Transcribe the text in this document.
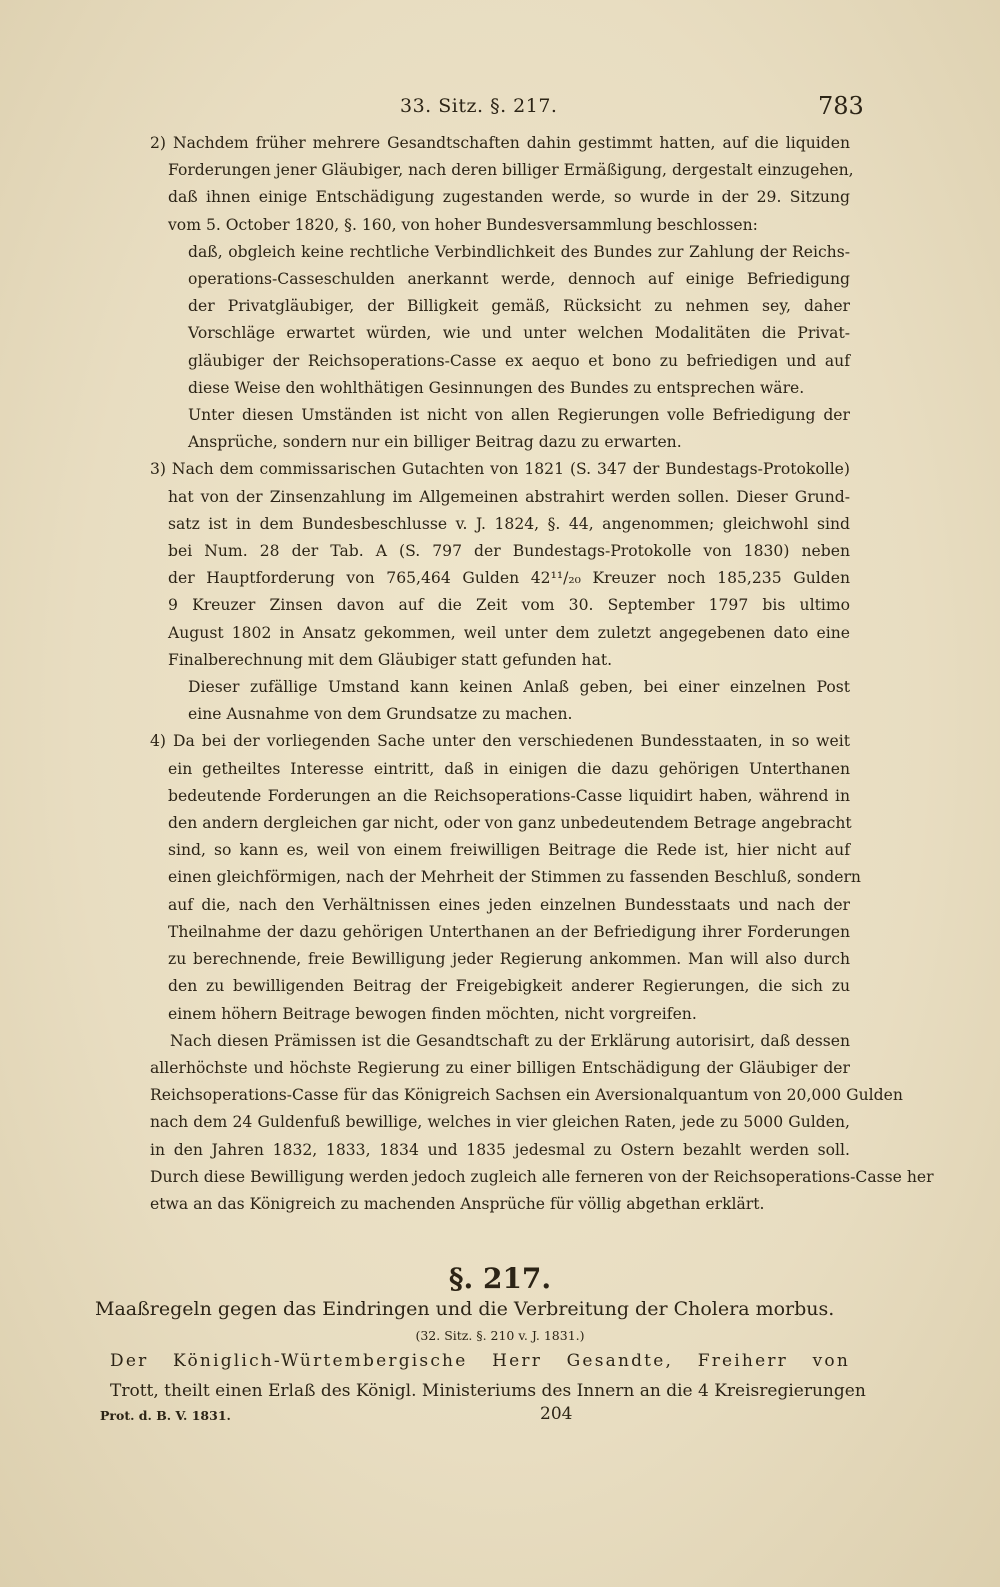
33. Sitz. §. 217.	783
2) Nachdem früher mehrere Gesandtschaften dahin gestimmt hatten, auf die liquiden
Forderungen jener Gläubiger, nach deren billiger Ermäßigung, dergestalt einzugehen,
daß ihnen einige Entschädigung zugestanden werde, so wurde in der 29. Sitzung
vom 5. October 1820, §. 160, von hoher Bundesversammlung beschlossen:
daß, obgleich keine rechtliche Verbindlichkeit des Bundes zur Zahlung der Reichs-
operations-Casseschulden anerkannt werde, dennoch auf einige Befriedigung
der Privatgläubiger, der Billigkeit gemäß, Rücksicht zu nehmen sey, daher
Vorschläge erwartet würden, wie und unter welchen Modalitäten die Privat-
gläubiger der Reichsoperations-Casse ex aequo et bono zu befriedigen und auf
diese Weise den wohlthätigen Gesinnungen des Bundes zu entsprechen wäre.
Unter diesen Umständen ist nicht von allen Regierungen volle Befriedigung der
Ansprüche, sondern nur ein billiger Beitrag dazu zu erwarten.
3) Nach dem commissarischen Gutachten von 1821 (S. 347 der Bundestags-Protokolle)
hat von der Zinsenzahlung im Allgemeinen abstrahirt werden sollen. Dieser Grund-
satz ist in dem Bundesbeschlusse v. J. 1824, §. 44, angenommen; gleichwohl sind
bei Num. 28 der Tab. A (S. 797 der Bundestags-Protokolle von 1830) neben
der Hauptforderung von 765,464 Gulden 42¹¹/₂₀ Kreuzer noch 185,235 Gulden
9 Kreuzer Zinsen davon auf die Zeit vom 30. September 1797 bis ultimo
August 1802 in Ansatz gekommen, weil unter dem zuletzt angegebenen dato eine
Finalberechnung mit dem Gläubiger statt gefunden hat.
Dieser zufällige Umstand kann keinen Anlaß geben, bei einer einzelnen Post
eine Ausnahme von dem Grundsatze zu machen.
4) Da bei der vorliegenden Sache unter den verschiedenen Bundesstaaten, in so weit
ein getheiltes Interesse eintritt, daß in einigen die dazu gehörigen Unterthanen
bedeutende Forderungen an die Reichsoperations-Casse liquidirt haben, während in
den andern dergleichen gar nicht, oder von ganz unbedeutendem Betrage angebracht
sind, so kann es, weil von einem freiwilligen Beitrage die Rede ist, hier nicht auf
einen gleichförmigen, nach der Mehrheit der Stimmen zu fassenden Beschluß, sondern
auf die, nach den Verhältnissen eines jeden einzelnen Bundesstaats und nach der
Theilnahme der dazu gehörigen Unterthanen an der Befriedigung ihrer Forderungen
zu berechnende, freie Bewilligung jeder Regierung ankommen. Man will also durch
den zu bewilligenden Beitrag der Freigebigkeit anderer Regierungen, die sich zu
einem höhern Beitrage bewogen finden möchten, nicht vorgreifen.
Nach diesen Prämissen ist die Gesandtschaft zu der Erklärung autorisirt, daß dessen
allerhöchste und höchste Regierung zu einer billigen Entschädigung der Gläubiger der
Reichsoperations-Casse für das Königreich Sachsen ein Aversionalquantum von 20,000 Gulden
nach dem 24 Guldenfuß bewillige, welches in vier gleichen Raten, jede zu 5000 Gulden,
in den Jahren 1832, 1833, 1834 und 1835 jedesmal zu Ostern bezahlt werden soll.
Durch diese Bewilligung werden jedoch zugleich alle ferneren von der Reichsoperations-Casse her
etwa an das Königreich zu machenden Ansprüche für völlig abgethan erklärt.
§. 217.
Maaßregeln gegen das Eindringen und die Verbreitung der Cholera morbus.
(32. Sitz. §. 210 v. J. 1831.)
Der Königlich-Würtembergische Herr Gesandte, Freiherr von
Trott, theilt einen Erlaß des Königl. Ministeriums des Innern an die 4 Kreisregierungen
Prot. d. B. V. 1831.	204
